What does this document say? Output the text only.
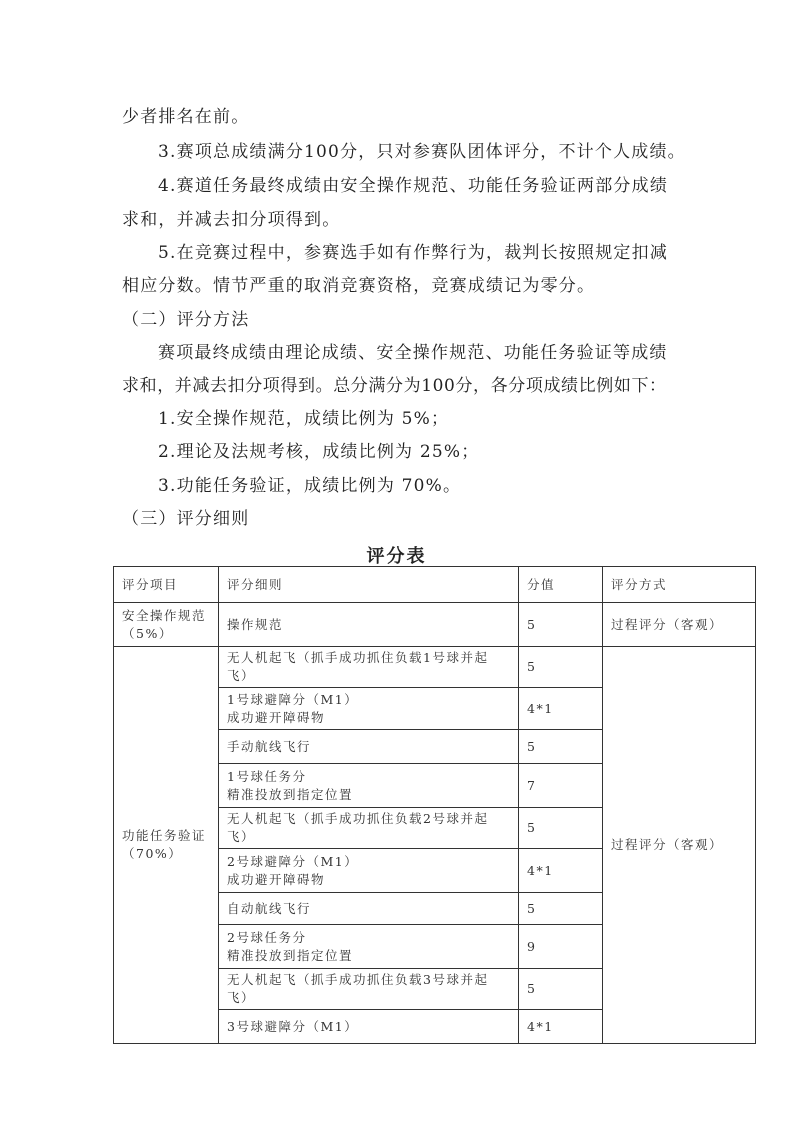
少者排名在前。
3.赛项总成绩满分100分，只对参赛队团体评分，不计个人成绩。
4.赛道任务最终成绩由安全操作规范、功能任务验证两部分成绩
求和，并减去扣分项得到。
5.在竞赛过程中，参赛选手如有作弊行为，裁判长按照规定扣减
相应分数。情节严重的取消竞赛资格，竞赛成绩记为零分。
（二）评分方法
赛项最终成绩由理论成绩、安全操作规范、功能任务验证等成绩
求和，并减去扣分项得到。总分满分为100分，各分项成绩比例如下：
1.安全操作规范，成绩比例为 5%；
2.理论及法规考核，成绩比例为 25%；
3.功能任务验证，成绩比例为 70%。
（三）评分细则
评分表
评分项目	评分细则	分值	评分方式

安全操作规范
（5%）	操作规范	5	过程评分（客观）

功能任务验证
（70%）	无人机起飞（抓手成功抓住负载1号球并起飞）	5	过程评分（客观）

	1号球避障分（M1）
成功避开障碍物	4*1	

	手动航线飞行	5	

	1号球任务分
精准投放到指定位置	7	

	无人机起飞（抓手成功抓住负载2号球并起飞）	5	

	2号球避障分（M1）
成功避开障碍物	4*1	

	自动航线飞行	5	

	2号球任务分
精准投放到指定位置	9	

	无人机起飞（抓手成功抓住负载3号球并起飞）	5	

	3号球避障分（M1）	4*1	
